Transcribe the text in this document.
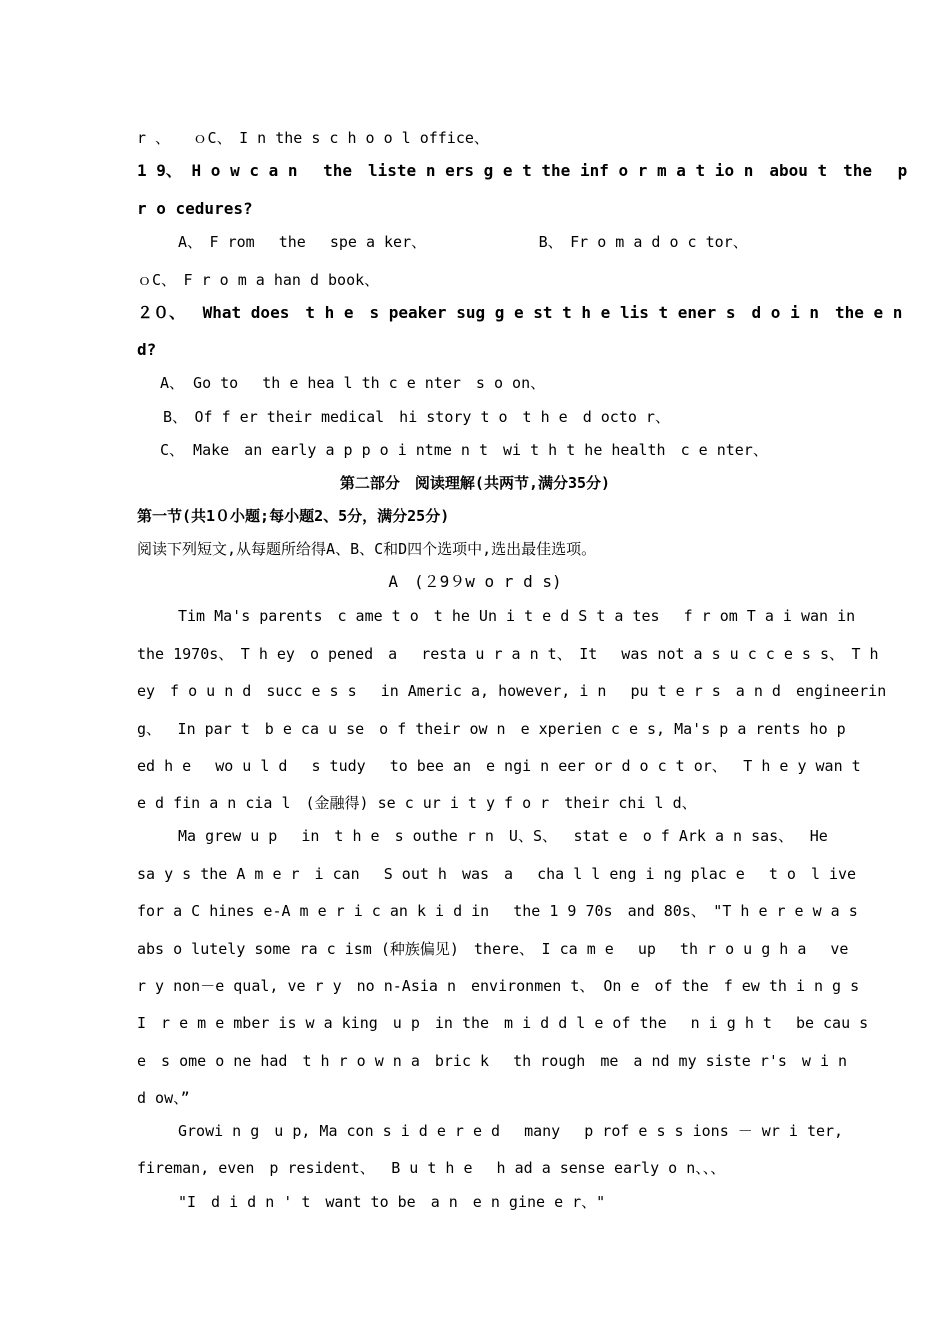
r 、　　ｏC、　I n the s c h o o l office、
1 9、 H o w c a n　 the　liste n ers g e t the inf o r m a t io n　abou t　the　 p
r o cedures?
A、　F rom　 the　 spe a ker、　　　　　　　　B、　Fr o m a d o c tor、
ｏC、　F r o m a han d book、
２０、　 What does　t h e　s peaker sug g e st t h e lis t ener s　d o i n　the e n
d?
A、 Go to　 th e hea l th c e nter　s o on、
B、　Of f er their medical　hi story t o　t h e　d octo r、
C、 Make　an early a p p o i ntme n t　wi t h t he health　c e nter、
第二部分　阅读理解(共两节,满分35分)
第一节(共1０小题;每小题2、5分，满分25分)
阅读下列短文,从每题所给得A、B、C和D四个选项中,选出最佳选项。
A　(２9９w o r d s)
Tim Ma's parents　c ame t o　t he Un i t e d S t a tes　 f r om T a i wan in
the 1970s、　T h ey　o pened　a　 resta u r a n t、　It　 was not a s u c c e s s、　T h
ey　f o u n d　succ e s s　 in Americ a, however, i n　 pu t e r s　a n d　engineerin
g、　 In par t　b e ca u se　o f their ow n　e xperien c e s, Ma's p a rents ho p
ed h e　 wo u l d　 s tudy　 to bee an　e ngi n eer or d o c t or、　 T h e y wan t
e d fin a n cia l　(金融得) se c ur i t y f o r　their chi l d、
Ma grew u p　 in　t h e　s outhe r n　U、S、　 stat e　o f Ark a n sas、　 He
sa y s the A m e r　i can　 S out h　was　a　 cha l l eng i ng plac e　 t o　l ive
for a C hines e-A m e r i c an k i d in　 the 1 9 70s　and 80s、　"T h e r e w a s
abs o lutely some ra c ism (种族偏见)　there、　I ca m e　 up　 th r o u g h a　 ve
r y non－e qual, ve r y　no n-Asia n　environmen t、 On e　of the　f ew th i n g s
I　r e m e mber is w a king　u p　in the　m i d d l e of the　 n i g h t　 be cau s
e　s ome o ne had　t h r o w n a　bric k　 th rough　me　a nd my siste r's　w i n
d ow、”
Growi n g　u p, Ma con s i d e r e d　 many　 p rof e s s ions － wr i ter,
fireman, even　p resident、　 B u t h e　 h ad a sense early o n、、、
"I　d i d n ' t　want to be　a n　e n gine e r、"
